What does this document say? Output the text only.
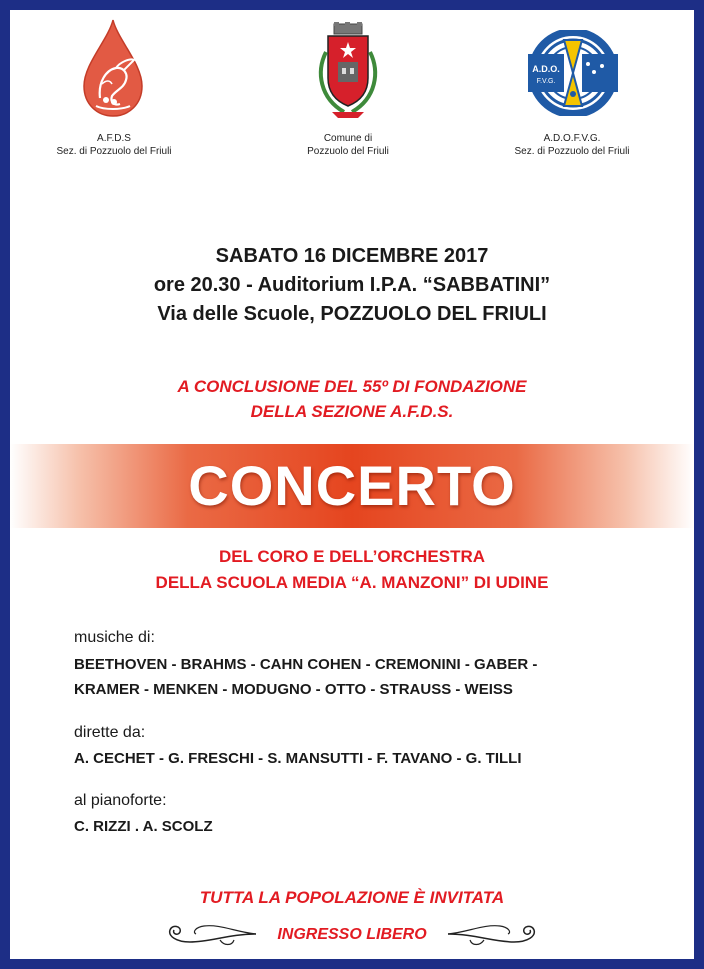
A.F.D.S
Sez. di Pozzuolo del Friuli
Comune di
Pozzuolo del Friuli
A.D.O.
F.V.G.
A.D.O.F.V.G.
Sez. di Pozzuolo del Friuli
SABATO 16 DICEMBRE 2017
ore 20.30 - Auditorium I.P.A. “SABBATINI”
Via delle Scuole, POZZUOLO DEL FRIULI
A CONCLUSIONE DEL 55º DI FONDAZIONE
DELLA SEZIONE A.F.D.S.
CONCERTO
DEL CORO E DELL’ORCHESTRA
DELLA SCUOLA MEDIA “A. MANZONI” DI UDINE
musiche di:
BEETHOVEN - BRAHMS - CAHN COHEN - CREMONINI - GABER -
KRAMER - MENKEN - MODUGNO - OTTO - STRAUSS - WEISS
dirette da:
A. CECHET - G. FRESCHI - S. MANSUTTI - F. TAVANO - G. TILLI
al pianoforte:
C. RIZZI . A. SCOLZ
TUTTA LA POPOLAZIONE È INVITATA
INGRESSO LIBERO
